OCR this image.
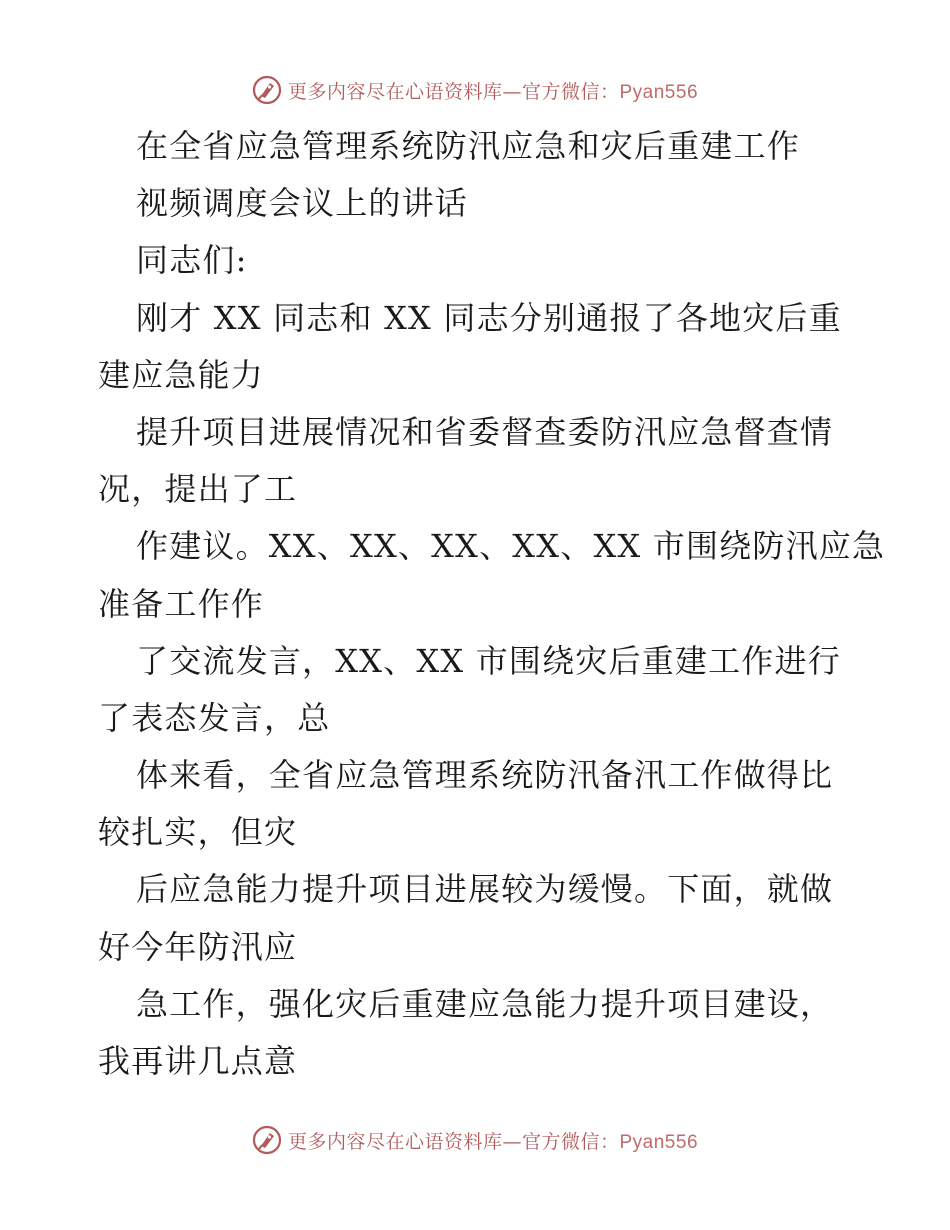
更多内容尽在心语资料库—官方微信：Pyan556
在全省应急管理系统防汛应急和灾后重建工作
视频调度会议上的讲话
同志们:
刚才 XX 同志和 XX 同志分别通报了各地灾后重
建应急能力
提升项目进展情况和省委督查委防汛应急督查情
况，提出了工
作建议。XX、XX、XX、XX、XX 市围绕防汛应急
准备工作作
了交流发言，XX、XX 市围绕灾后重建工作进行
了表态发言，总
体来看，全省应急管理系统防汛备汛工作做得比
较扎实，但灾
后应急能力提升项目进展较为缓慢。下面，就做
好今年防汛应
急工作，强化灾后重建应急能力提升项目建设，
我再讲几点意
更多内容尽在心语资料库—官方微信：Pyan556
